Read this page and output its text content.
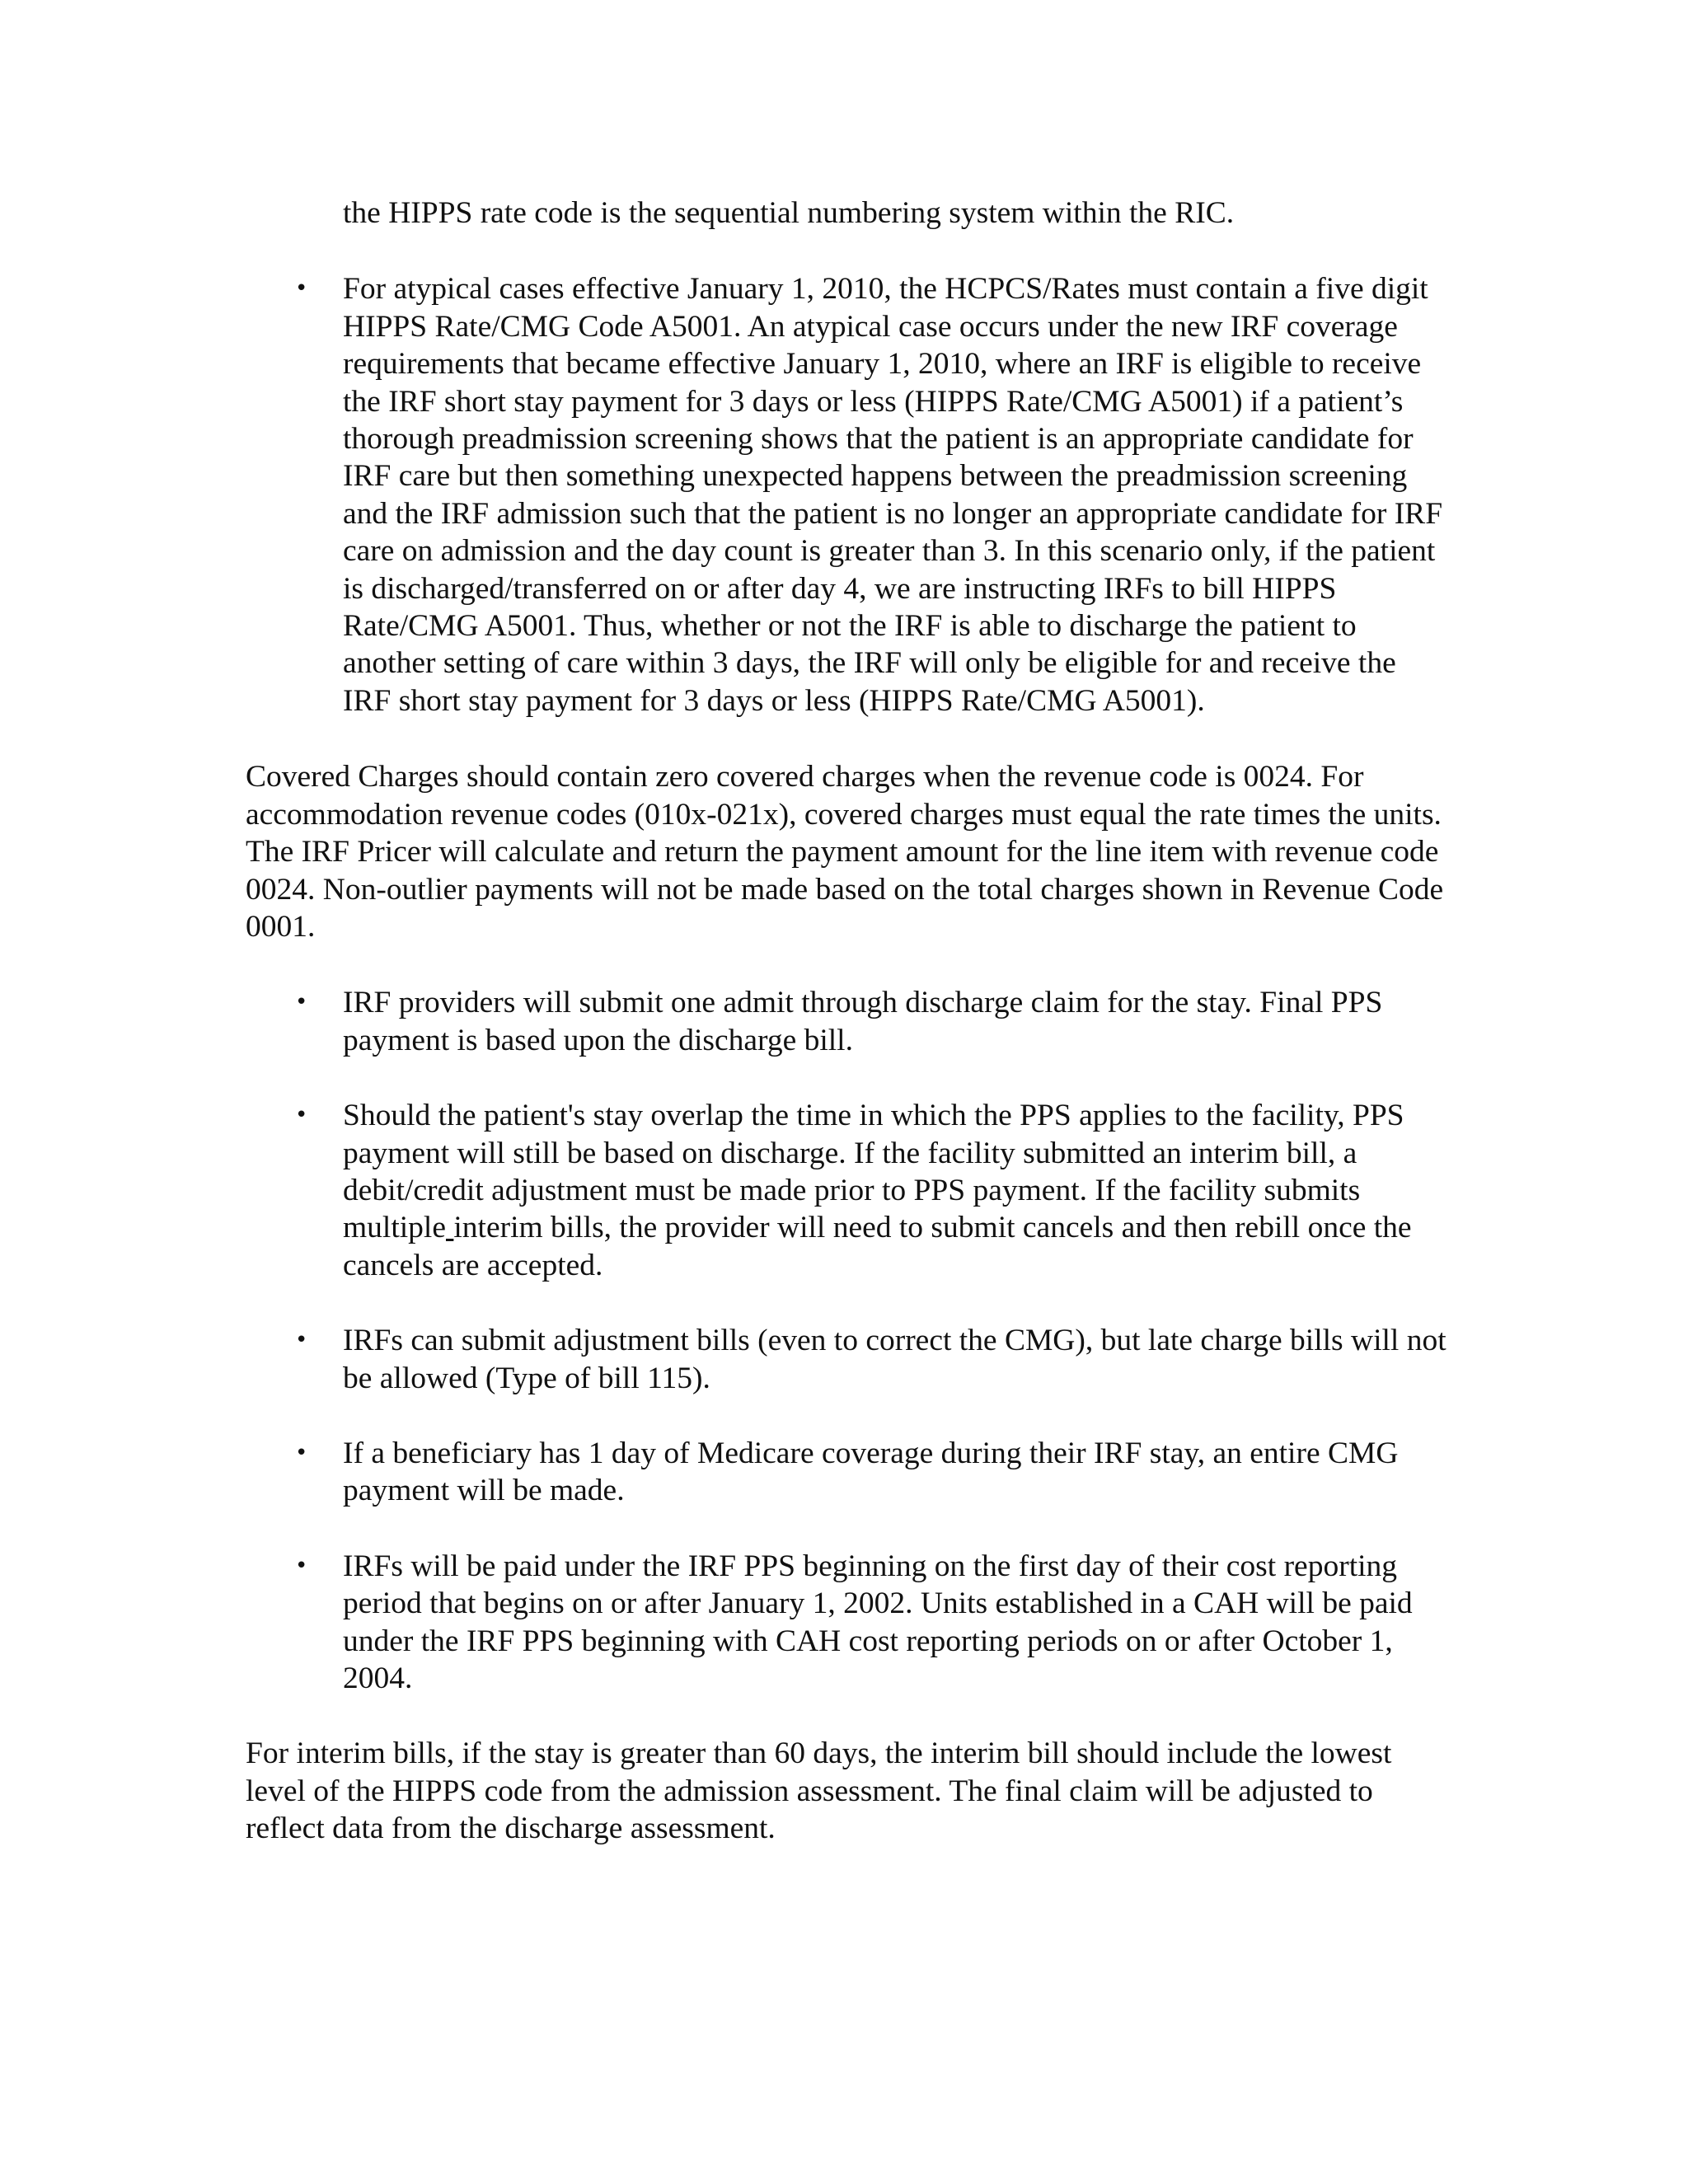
the HIPPS rate code is the sequential numbering system within the RIC.

•	For atypical cases effective January 1, 2010, the HCPCS/Rates must contain a five digit HIPPS Rate/CMG Code A5001. An atypical case occurs under the new IRF coverage requirements that became effective January 1, 2010, where an IRF is eligible to receive the IRF short stay payment for 3 days or less (HIPPS Rate/CMG A5001) if a patient’s thorough preadmission screening shows that the patient is an appropriate candidate for IRF care but then something unexpected happens between the preadmission screening and the IRF admission such that the patient is no longer an appropriate candidate for IRF care on admission and the day count is greater than 3. In this scenario only, if the patient is discharged/transferred on or after day 4, we are instructing IRFs to bill HIPPS Rate/CMG A5001. Thus, whether or not the IRF is able to discharge the patient to another setting of care within 3 days, the IRF will only be eligible for and receive the IRF short stay payment for 3 days or less (HIPPS Rate/CMG A5001).

Covered Charges should contain zero covered charges when the revenue code is 0024. For accommodation revenue codes (010x-021x), covered charges must equal the rate times the units. The IRF Pricer will calculate and return the payment amount for the line item with revenue code 0024. Non-outlier payments will not be made based on the total charges shown in Revenue Code 0001.

•	IRF providers will submit one admit through discharge claim for the stay. Final PPS payment is based upon the discharge bill.
•	Should the patient's stay overlap the time in which the PPS applies to the facility, PPS payment will still be based on discharge. If the facility submitted an interim bill, a debit/credit adjustment must be made prior to PPS payment. If the facility submits multiple interim bills, the provider will need to submit cancels and then rebill once the cancels are accepted.
•	IRFs can submit adjustment bills (even to correct the CMG), but late charge bills will not be allowed (Type of bill 115).
•	If a beneficiary has 1 day of Medicare coverage during their IRF stay, an entire CMG payment will be made.
•	IRFs will be paid under the IRF PPS beginning on the first day of their cost reporting period that begins on or after January 1, 2002. Units established in a CAH will be paid under the IRF PPS beginning with CAH cost reporting periods on or after October 1, 2004.

For interim bills, if the stay is greater than 60 days, the interim bill should include the lowest level of the HIPPS code from the admission assessment. The final claim will be adjusted to reflect data from the discharge assessment.
